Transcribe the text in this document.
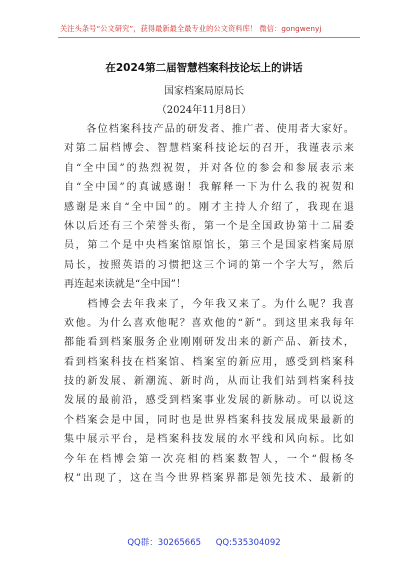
关注头条号“公文研究”，获得最新最全最专业的公文资料库！ 微信：gongwenyj
在2024第二届智慧档案科技论坛上的讲话
国家档案局原局长
（2024年11月8日）
　　各位档案科技产品的研发者、推广者、使用者大家好。
对第二届档博会、智慧档案科技论坛的召开，我谨表示来
自“全中国”的热烈祝贺，并对各位的参会和参展表示来
自“全中国”的真诚感谢！我解释一下为什么我的祝贺和
感谢是来自“全中国”的。刚才主持人介绍了，我现在退
休以后还有三个荣誉头衔，第一个是全国政协第十二届委
员，第二个是中央档案馆原馆长，第三个是国家档案局原
局长，按照英语的习惯把这三个词的第一个字大写，然后
再连起来读就是“全中国”！
　　档博会去年我来了，今年我又来了。为什么呢？我喜
欢他。为什么喜欢他呢？喜欢他的“新”。到这里来我每年
都能看到档案服务企业刚刚研发出来的新产品、新技术，
看到档案科技在档案馆、档案室的新应用，感受到档案科
技的新发展、新潮流、新时尚，从而让我们站到档案科技
发展的最前沿，感受到档案事业发展的新脉动。可以说这
个档案会是中国，同时也是世界档案科技发展成果最新的
集中展示平台，是档案科技发展的水平线和风向标。比如
今年在档博会第一次亮相的档案数智人，一个“假杨冬
权”出现了，这在当今世界档案界都是领先技术、最新的
QQ群：30265665 QQ:535304092
